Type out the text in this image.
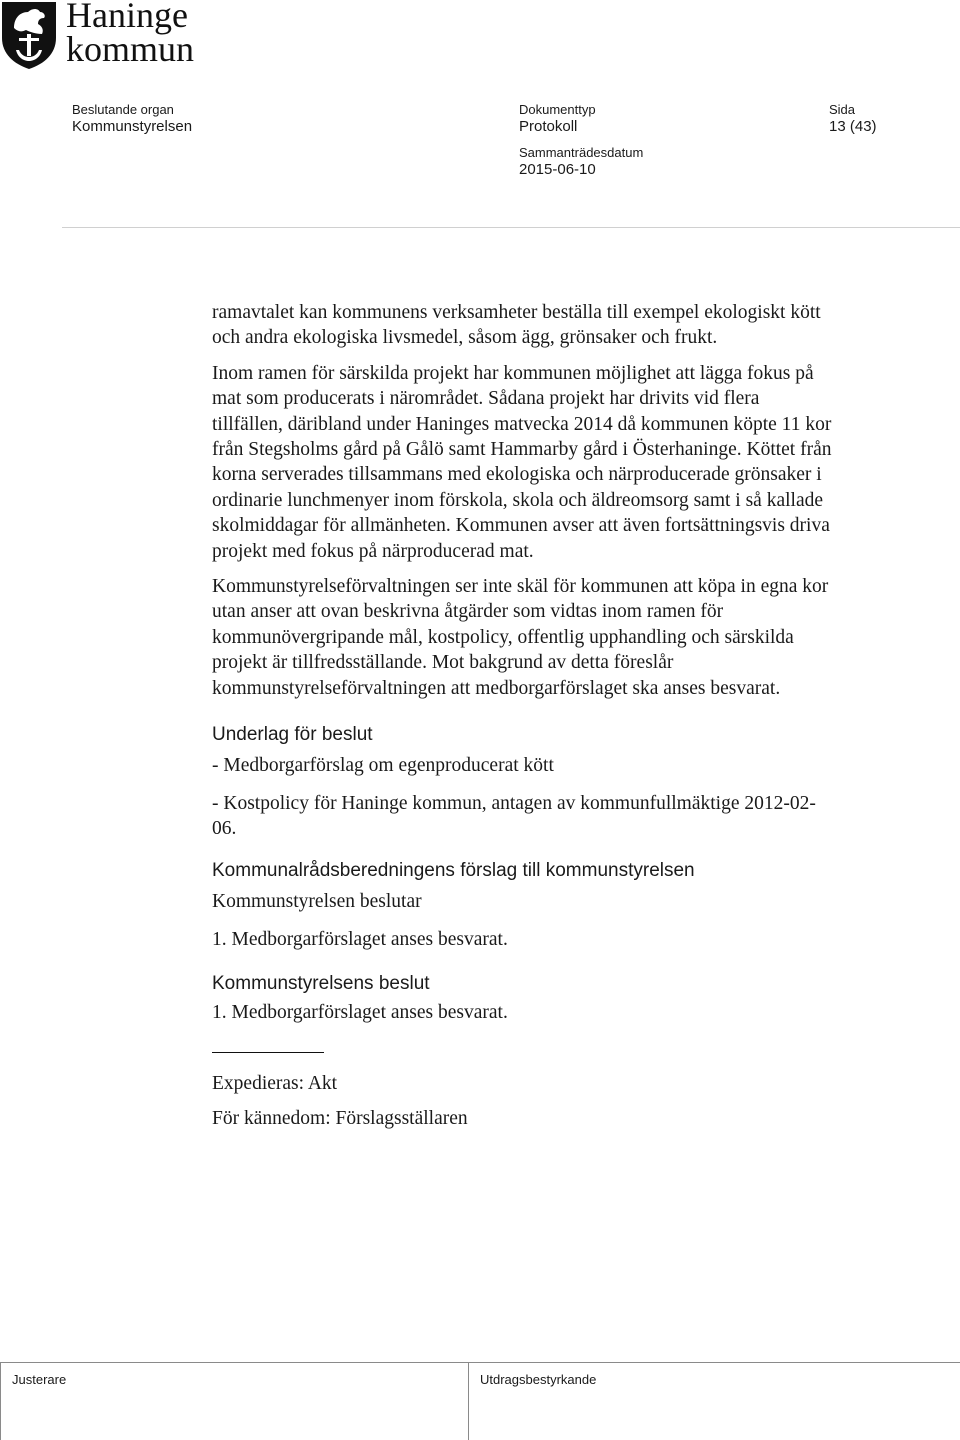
Haninge
kommun
Beslutande organ
Kommunstyrelsen
Dokumenttyp
Protokoll
Sida
13 (43)
Sammanträdesdatum
2015-06-10

ramavtalet kan kommunens verksamheter beställa till exempel ekologiskt kött och andra ekologiska livsmedel, såsom ägg, grönsaker och frukt.

Inom ramen för särskilda projekt har kommunen möjlighet att lägga fokus på mat som producerats i närområdet. Sådana projekt har drivits vid flera tillfällen, däribland under Haninges matvecka 2014 då kommunen köpte 11 kor från Stegsholms gård på Gålö samt Hammarby gård i Österhaninge. Köttet från korna serverades tillsammans med ekologiska och närproducerade grönsaker i ordinarie lunchmenyer inom förskola, skola och äldreomsorg samt i så kallade skolmiddagar för allmänheten. Kommunen avser att även fortsättningsvis driva projekt med fokus på närproducerad mat.

Kommunstyrelseförvaltningen ser inte skäl för kommunen att köpa in egna kor utan anser att ovan beskrivna åtgärder som vidtas inom ramen för kommunövergripande mål, kostpolicy, offentlig upphandling och särskilda projekt är tillfredsställande. Mot bakgrund av detta föreslår kommunstyrelseförvaltningen att medborgarförslaget ska anses besvarat.

Underlag för beslut

- Medborgarförslag om egenproducerat kött

- Kostpolicy för Haninge kommun, antagen av kommunfullmäktige 2012-02-06.

Kommunalrådsberedningens förslag till kommunstyrelsen

Kommunstyrelsen beslutar

1. Medborgarförslaget anses besvarat.

Kommunstyrelsens beslut

1. Medborgarförslaget anses besvarat.

Expedieras: Akt

För kännedom: Förslagsställaren

Justerare	Utdragsbestyrkande
